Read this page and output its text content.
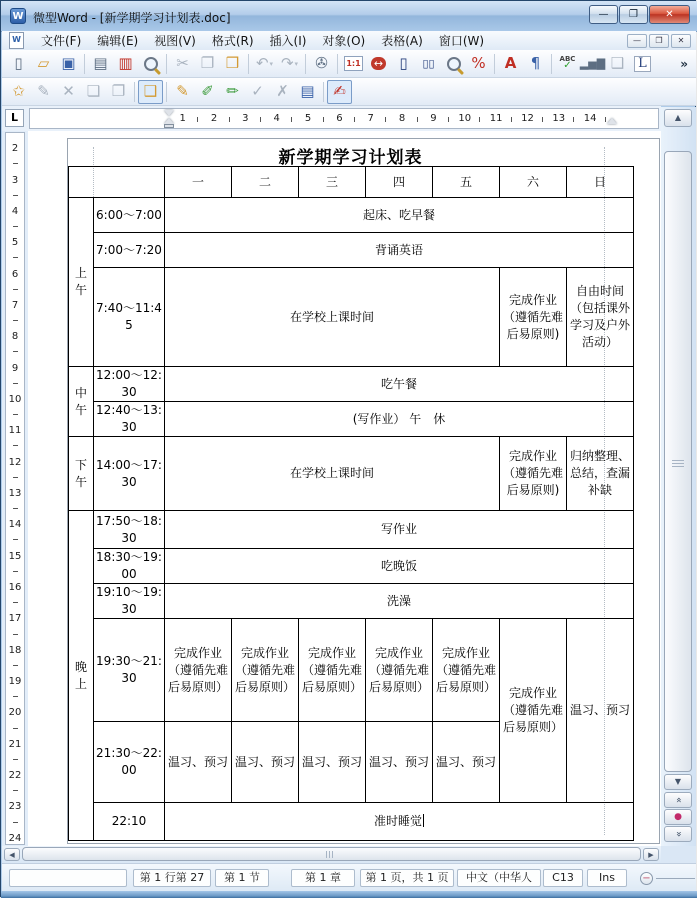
W 微型Word - [新学期学习计划表.doc]	—	❐	✕
W	文件(F)	编辑(E)	视图(V)	格式(R)	插入(I)	对象(O)	表格(A)	窗口(W)	—	❐	✕
▯ ▱ ▣ ▤ ▥	✂ ❐ ❒ ↶ ▾ ↷ ▾ ✇ 1:1 ↔ ▯ ▯▯ % A ¶	ABC
✓ ▂▅▇ ❑	L	»
✩ ✎ ✕ ❏ ❐ ❑ ✎ ✐ ✏ ✓ ✗ ▤ ✍
L	1	2	3	4	5	6	7	8	9	10	11	12	13	14
2
3
4
5
6
7
8
9
10
11
12
13
14
15
16
17
18
19
20
21
22
23
24
新学期学习计划表
		一	二	三	四	五	六	日
上午	6:00～7:00	起床、吃早餐						
	7:00～7:20	背诵英语						
	7:40～11:45	在学校上课时间					完成作业（遵循先难后易原则)	自由时间（包括课外学习及户外活动）
中午	12:00～12:30	吃午餐						
	12:40～13:30	(写作业） 午　休						
下午	14:00～17:30	在学校上课时间					完成作业（遵循先难后易原则)	归纳整理、总结，查漏补缺
晚上	17:50～18:30	写作业						
	18:30～19:00	吃晚饭						
	19:10～19:30	洗澡						
	19:30～21:30	完成作业（遵循先难后易原则）	完成作业（遵循先难后易原则）	完成作业（遵循先难后易原则）	完成作业（遵循先难后易原则）	完成作业（遵循先难后易原则）	完成作业（遵循先难后易原则）	温习、预习
	21:30～22:00	温习、预习	温习、预习	温习、预习	温习、预习	温习、预习		
	22:10	准时睡觉						
▲
▼
«
●
»
◀	▶
第 1 行第 27	第 1 节	第 1 章	第 1 页，共 1 页	中文（中华人	C13	Ins	−
